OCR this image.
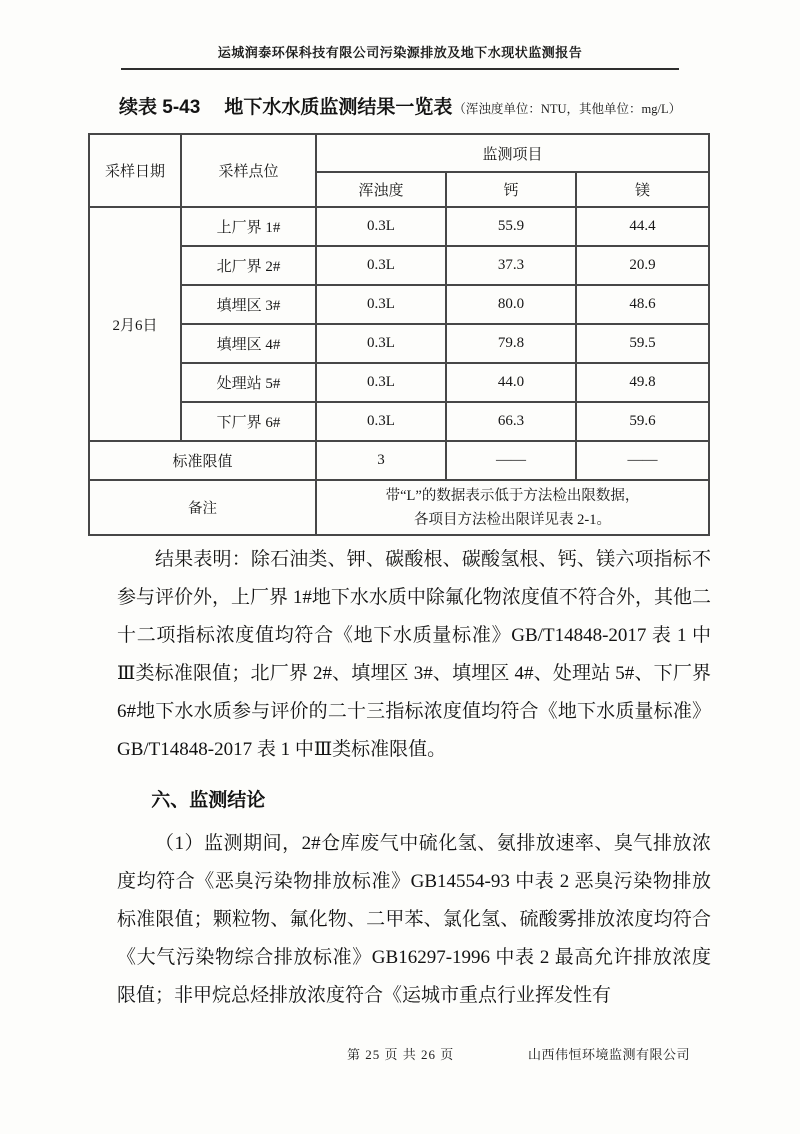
运城润泰环保科技有限公司污染源排放及地下水现状监测报告
续表 5-43 地下水水质监测结果一览表（浑浊度单位：NTU，其他单位：mg/L）
采样日期	采样点位	监测项目		
		浑浊度	钙	镁
2月6日	上厂界 1#	0.3L	55.9	44.4
	北厂界 2#	0.3L	37.3	20.9
	填埋区 3#	0.3L	80.0	48.6
	填埋区 4#	0.3L	79.8	59.5
	处理站 5#	0.3L	44.0	49.8
	下厂界 6#	0.3L	66.3	59.6
标准限值		3	——	——
备注		带“L”的数据表示低于方法检出限数据，
各项目方法检出限详见表 2-1。		

结果表明：除石油类、钾、碳酸根、碳酸氢根、钙、镁六项指标不参与评价外，上厂界 1#地下水水质中除氟化物浓度值不符合外，其他二十二项指标浓度值均符合《地下水质量标准》GB/T14848-2017 表 1 中Ⅲ类标准限值；北厂界 2#、填埋区 3#、填埋区 4#、处理站 5#、下厂界 6#地下水水质参与评价的二十三指标浓度值均符合《地下水质量标准》GB/T14848-2017 表 1 中Ⅲ类标准限值。

六、监测结论

（1）监测期间，2#仓库废气中硫化氢、氨排放速率、臭气排放浓度均符合《恶臭污染物排放标准》GB14554-93 中表 2 恶臭污染物排放标准限值；颗粒物、氟化物、二甲苯、氯化氢、硫酸雾排放浓度均符合《大气污染物综合排放标准》GB16297-1996 中表 2 最高允许排放浓度限值；非甲烷总烃排放浓度符合《运城市重点行业挥发性有

第 25 页 共 26 页	山西伟恒环境监测有限公司
